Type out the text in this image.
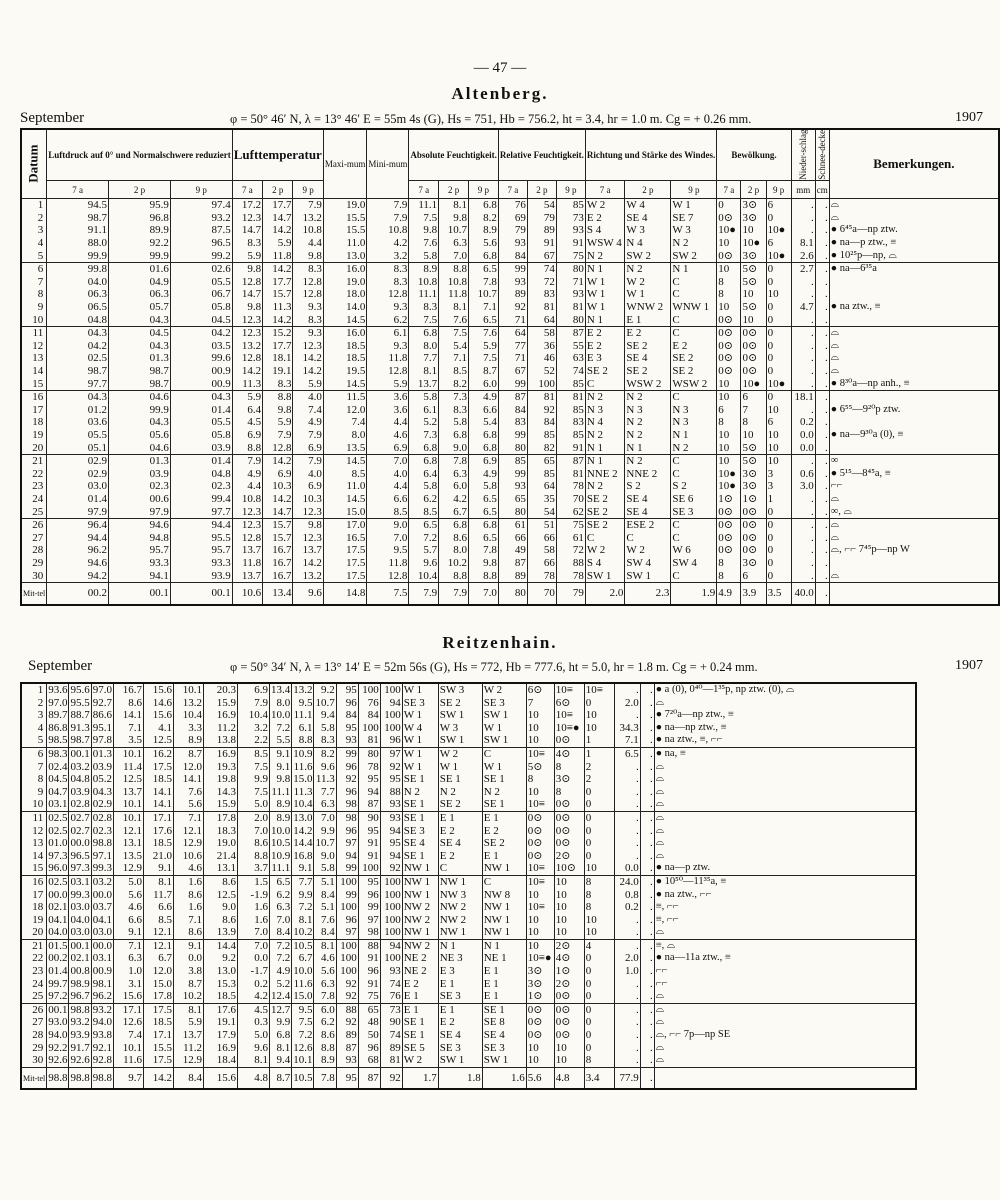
— 47 —
Altenberg.
September	φ = 50° 46′ N, λ = 13° 46′ E = 55m 4s (G), Hs = 751, Hb = 756.2, ht = 3.4, hr = 1.0 m. Cg = + 0.26 mm.	1907
Datum	Luftdruck auf 0° und Normalschwere reduziert			Lufttemperatur			Maxi-mum	Mini-mum	Absolute Feuchtigkeit.			Relative Feuchtigkeit.			Richtung und Stärke des Windes.			Bewölkung.			Nieder-schlag	Schnee-decke	Bemerkungen.
	7 a	2 p	9 p	7 a	2 p	9 p			7 a	2 p	9 p	7 a	2 p	9 p	7 a	2 p	9 p	7 a	2 p	9 p	mm	cm	
1	94.5	95.9	97.4	17.2	17.7	7.9	19.0	7.9	11.1	8.1	6.8	76	54	85	W 2	W 4	W 1	0	3⊙	6	.	.	⌓
2	98.7	96.8	93.2	12.3	14.7	13.2	15.5	7.9	7.5	9.8	8.2	69	79	73	E 2	SE 4	SE 7	0⊙	3⊙	0	.	.	⌓
3	91.1	89.9	87.5	14.7	14.2	10.8	15.5	10.8	9.8	10.7	8.9	79	89	93	S 4	W 3	W 3	10●	10	10●	.	.	● 6⁴⁵a—np ztw.
4	88.0	92.2	96.5	8.3	5.9	4.4	11.0	4.2	7.6	6.3	5.6	93	91	91	WSW 4	N 4	N 2	10	10●	6	8.1	.	● na—p ztw., ≡
5	99.9	99.9	99.2	5.9	11.8	9.8	13.0	3.2	5.8	7.0	6.8	84	67	75	N 2	SW 2	SW 2	0⊙	3⊙	10●	2.6	.	● 10²⁵p—np, ⌓
6	99.8	01.6	02.6	9.8	14.2	8.3	16.0	8.3	8.9	8.8	6.5	99	74	80	N 1	N 2	N 1	10	5⊙	0	2.7	.	● na—6³⁵a
7	04.0	04.9	05.5	12.8	17.7	12.8	19.0	8.3	10.8	10.8	7.8	93	72	71	W 1	W 2	C	8	5⊙	0	.	.	
8	06.3	06.3	06.7	14.7	15.7	12.8	18.0	12.8	11.1	11.8	10.7	89	83	93	W 1	W 1	C	8	10	10	.	.	
9	06.5	05.7	05.8	9.8	11.3	9.3	14.0	9.3	8.3	8.1	7.1	92	81	81	W 1	WNW 2	WNW 1	10	5⊙	0	4.7	.	● na ztw., ≡
10	04.8	04.3	04.5	12.3	14.2	8.3	14.5	6.2	7.5	7.6	6.5	71	64	80	N 1	E 1	C	0⊙	10	0	.	.	
11	04.3	04.5	04.2	12.3	15.2	9.3	16.0	6.1	6.8	7.5	7.6	64	58	87	E 2	E 2	C	0⊙	0⊙	0	.	.	⌓
12	04.2	04.3	03.5	13.2	17.7	12.3	18.5	9.3	8.0	5.4	5.9	77	36	55	E 2	SE 2	E 2	0⊙	0⊙	0	.	.	⌓
13	02.5	01.3	99.6	12.8	18.1	14.2	18.5	11.8	7.7	7.1	7.5	71	46	63	E 3	SE 4	SE 2	0⊙	0⊙	0	.	.	⌓
14	98.7	98.7	00.9	14.2	19.1	14.2	19.5	12.8	8.1	8.5	8.7	67	52	74	SE 2	SE 2	SE 2	0⊙	0⊙	0	.	.	⌓
15	97.7	98.7	00.9	11.3	8.3	5.9	14.5	5.9	13.7	8.2	6.0	99	100	85	C	WSW 2	WSW 2	10	10●	10●	.	.	● 8³⁰a—np anh., ≡
16	04.3	04.6	04.3	5.9	8.8	4.0	11.5	3.6	5.8	7.3	4.9	87	81	81	N 2	N 2	C	10	6	0	18.1	.	
17	01.2	99.9	01.4	6.4	9.8	7.4	12.0	3.6	6.1	8.3	6.6	84	92	85	N 3	N 3	N 3	6	7	10	.	.	● 6⁵⁵—9²⁰p ztw.
18	03.6	04.3	05.5	4.5	5.9	4.9	7.4	4.4	5.2	5.8	5.4	83	84	83	N 4	N 2	N 3	8	8	6	0.2	.	
19	05.5	05.6	05.8	6.9	7.9	7.9	8.0	4.6	7.3	6.8	6.8	99	85	85	N 2	N 2	N 1	10	10	10	0.0	.	● na—9³⁰a (0), ≡
20	05.1	04.6	03.9	8.8	12.8	6.9	13.5	6.9	6.8	9.0	6.8	80	82	91	N 1	N 1	N 2	10	5⊙	10	0.0	.	
21	02.9	01.3	01.4	7.9	14.2	7.9	14.5	7.0	6.8	7.8	6.9	85	65	87	N 1	N 2	C	10	5⊙	10	.	.	∞
22	02.9	03.9	04.8	4.9	6.9	4.0	8.5	4.0	6.4	6.3	4.9	99	85	81	NNE 2	NNE 2	C	10●	3⊙	3	0.6	.	● 5¹⁵—8⁴⁵a, ≡
23	03.0	02.3	02.3	4.4	10.3	6.9	11.0	4.4	5.8	6.0	5.8	93	64	78	N 2	S 2	S 2	10●	3⊙	3	3.0	.	⌐⌐
24	01.4	00.6	99.4	10.8	14.2	10.3	14.5	6.6	6.2	4.2	6.5	65	35	70	SE 2	SE 4	SE 6	1⊙	1⊙	1	.	.	⌓
25	97.9	97.9	97.7	12.3	14.7	12.3	15.0	8.5	8.5	6.7	6.5	80	54	62	SE 2	SE 4	SE 3	0⊙	0⊙	0	.	.	∞, ⌓
26	96.4	94.6	94.4	12.3	15.7	9.8	17.0	9.0	6.5	6.8	6.8	61	51	75	SE 2	ESE 2	C	0⊙	0⊙	0	.	.	⌓
27	94.4	94.8	95.5	12.8	15.7	12.3	16.5	7.0	7.2	8.6	6.5	66	66	61	C	C	C	0⊙	0⊙	0	.	.	⌓
28	96.2	95.7	95.7	13.7	16.7	13.7	17.5	9.5	5.7	8.0	7.8	49	58	72	W 2	W 2	W 6	0⊙	0⊙	0	.	.	⌓, ⌐⌐ 7⁴⁵p—np W
29	94.6	93.3	93.3	11.8	16.7	14.2	17.5	11.8	9.6	10.2	9.8	87	66	88	S 4	SW 4	SW 4	8	3⊙	0	.	.	
30	94.2	94.1	93.9	13.7	16.7	13.2	17.5	12.8	10.4	8.8	8.8	89	78	78	SW 1	SW 1	C	8	6	0	.	.	⌓
Mit-tel	00.2	00.1	00.1	10.6	13.4	9.6	14.8	7.5	7.9	7.9	7.0	80	70	79	2.0	2.3	1.9	4.9	3.9	3.5	40.0	.	
Reitzenhain.
September	φ = 50° 34′ N, λ = 13° 14′ E = 52m 56s (G), Hs = 772, Hb = 777.6, ht = 5.0, hr = 1.8 m. Cg = + 0.24 mm.	1907
1	93.6	95.6	97.0	16.7	15.6	10.1	20.3	6.9	13.4	13.2	9.2	95	100	100	W 1	SW 3	W 2	6⊙	10≡	10≡	.	.	● a (0), 0⁴⁰—1³⁵p, np ztw. (0), ⌓
2	97.0	95.5	92.7	8.6	14.6	13.2	15.9	7.9	8.0	9.5	10.7	96	76	94	SE 3	SE 2	SE 3	7	6⊙	0	2.0	.	⌓
3	89.7	88.7	86.6	14.1	15.6	10.4	16.9	10.4	10.0	11.1	9.4	84	84	100	W 1	SW 1	SW 1	10	10≡	10	.	.	● 7²⁰a—np ztw., ≡
4	86.8	91.3	95.1	7.1	4.1	3.3	11.2	3.2	7.2	6.1	5.8	95	100	100	W 4	W 3	W 1	10	10≡●	10	34.3	.	● na—np ztw., ≡
5	98.5	98.7	97.8	3.5	12.5	8.9	13.8	2.2	5.5	8.8	8.3	93	81	96	W 1	SW 1	SW 1	10	0⊙	1	7.1	.	● na ztw., ≡, ⌐⌐
6	98.3	00.1	01.3	10.1	16.2	8.7	16.9	8.5	9.1	10.9	8.2	99	80	97	W 1	W 2	C	10≡	4⊙	1	6.5	.	● na, ≡
7	02.4	03.2	03.9	11.4	17.5	12.0	19.3	7.5	9.1	11.6	9.6	96	78	92	W 1	W 1	W 1	5⊙	8	2	.	.	⌓
8	04.5	04.8	05.2	12.5	18.5	14.1	19.8	9.9	9.8	15.0	11.3	92	95	95	SE 1	SE 1	SE 1	8	3⊙	2	.	.	⌓
9	04.7	03.9	04.3	13.7	14.1	7.6	14.3	7.5	11.1	11.3	7.7	96	94	88	N 2	N 2	N 2	10	8	0	.	.	⌓
10	03.1	02.8	02.9	10.1	14.1	5.6	15.9	5.0	8.9	10.4	6.3	98	87	93	SE 1	SE 2	SE 1	10≡	0⊙	0	.	.	⌓
11	02.5	02.7	02.8	10.1	17.1	7.1	17.8	2.0	8.9	13.0	7.0	98	90	93	SE 1	E 1	E 1	0⊙	0⊙	0	.	.	⌓
12	02.5	02.7	02.3	12.1	17.6	12.1	18.3	7.0	10.0	14.2	9.9	96	95	94	SE 3	E 2	E 2	0⊙	0⊙	0	.	.	⌓
13	01.0	00.0	98.8	13.1	18.5	12.9	19.0	8.6	10.5	14.4	10.7	97	91	95	SE 4	SE 4	SE 2	0⊙	0⊙	0	.	.	⌓
14	97.3	96.5	97.1	13.5	21.0	10.6	21.4	8.8	10.9	16.8	9.0	94	91	94	SE 1	E 2	E 1	0⊙	2⊙	0	.	.	⌓
15	96.0	97.3	99.3	12.9	9.1	4.6	13.1	3.7	11.1	9.1	5.8	99	100	92	NW 1	C	NW 1	10≡	10⊙	10	0.0	.	● na—p ztw.
16	02.5	03.1	03.2	5.0	8.1	1.6	8.6	1.5	6.5	7.7	5.1	100	95	100	NW 1	NW 1	C	10≡	10	8	24.0	.	● 10⁵⁰—11³⁵a, ≡
17	00.0	99.3	00.0	5.6	11.7	8.6	12.5	-1.9	6.2	9.9	8.4	99	96	100	NW 1	NW 3	NW 8	10	10	8	0.8	.	● na ztw., ⌐⌐
18	02.1	03.0	03.7	4.6	6.6	1.6	9.0	1.6	6.3	7.2	5.1	100	99	100	NW 2	NW 2	NW 1	10≡	10	8	0.2	.	≡, ⌐⌐
19	04.1	04.0	04.1	6.6	8.5	7.1	8.6	1.6	7.0	8.1	7.6	96	97	100	NW 2	NW 2	NW 1	10	10	10	.	.	≡, ⌐⌐
20	04.0	03.0	03.0	9.1	12.1	8.6	13.9	7.0	8.4	10.2	8.4	97	98	100	NW 1	NW 1	NW 1	10	10	10	.	.	⌓
21	01.5	00.1	00.0	7.1	12.1	9.1	14.4	7.0	7.2	10.5	8.1	100	88	94	NW 2	N 1	N 1	10	2⊙	4	.	.	≡, ⌓
22	00.2	02.1	03.1	6.3	6.7	0.0	9.2	0.0	7.2	6.7	4.6	100	91	100	NE 2	NE 3	NE 1	10≡●	4⊙	0	2.0	.	● na—11a ztw., ≡
23	01.4	00.8	00.9	1.0	12.0	3.8	13.0	-1.7	4.9	10.0	5.6	100	96	93	NE 2	E 3	E 1	3⊙	1⊙	0	1.0	.	⌐⌐
24	99.7	98.9	98.1	3.1	15.0	8.7	15.3	0.2	5.2	11.6	6.3	92	91	74	E 2	E 1	E 1	3⊙	2⊙	0	.	.	⌐⌐
25	97.2	96.7	96.2	15.6	17.8	10.2	18.5	4.2	12.4	15.0	7.8	92	75	76	E 1	SE 3	E 1	1⊙	0⊙	0	.	.	⌓
26	00.1	98.8	93.2	17.1	17.5	8.1	17.6	4.5	12.7	9.5	6.0	88	65	73	E 1	E 1	SE 1	0⊙	0⊙	0	.	.	⌓
27	93.0	93.2	94.0	12.6	18.5	5.9	19.1	0.3	9.9	7.5	6.2	92	48	90	SE 1	E 2	SE 8	0⊙	0⊙	0	.	.	⌓
28	94.0	93.9	93.8	7.4	17.1	13.7	17.9	5.0	6.8	7.2	8.6	89	50	74	SE 1	SE 4	SE 4	0⊙	0⊙	0	.	.	⌓, ⌐⌐ 7p—np SE
29	92.2	91.7	92.1	10.1	15.5	11.2	16.9	9.6	8.1	12.6	8.8	87	96	89	SE 5	SE 3	SE 3	10	10	0	.	.	⌓
30	92.6	92.6	92.8	11.6	17.5	12.9	18.4	8.1	9.4	10.1	8.9	93	68	81	W 2	SW 1	SW 1	10	10	8	.	.	⌓
Mit-tel	98.8	98.8	98.8	9.7	14.2	8.4	15.6	4.8	8.7	10.5	7.8	95	87	92	1.7	1.8	1.6	5.6	4.8	3.4	77.9	.	
